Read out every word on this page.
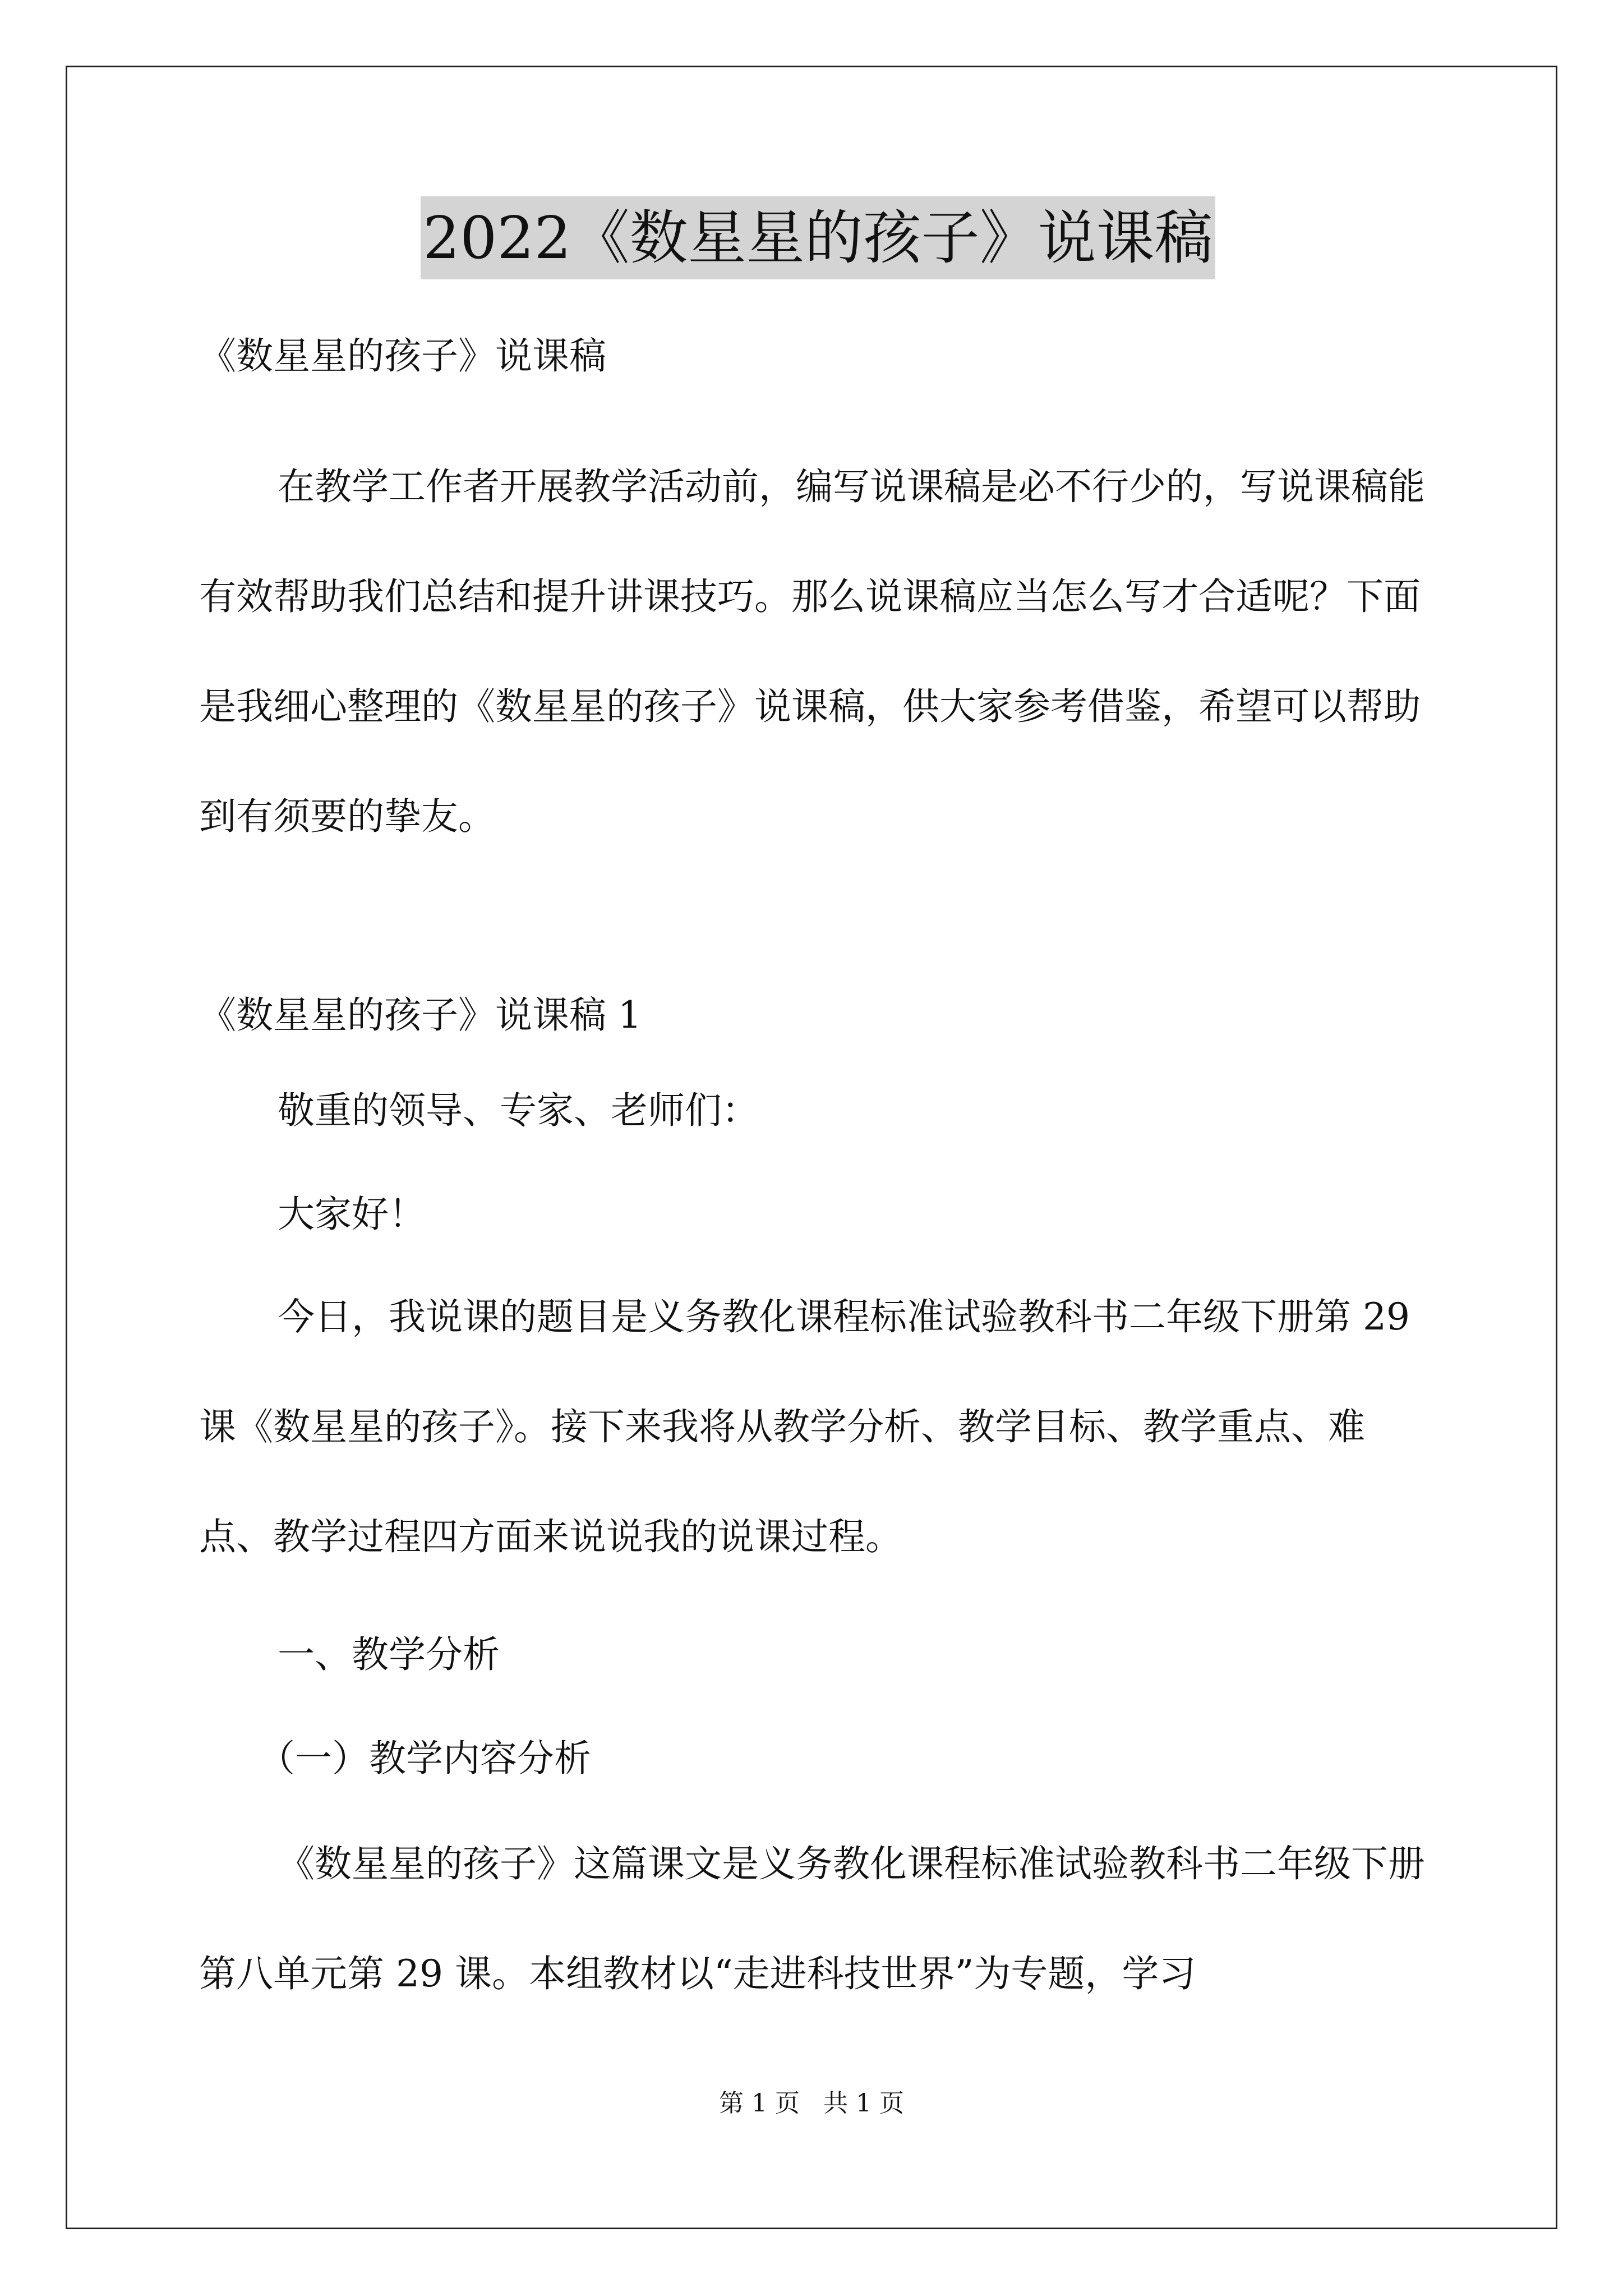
2022《数星星的孩子》说课稿

《数星星的孩子》说课稿

在教学工作者开展教学活动前，编写说课稿是必不行少的，写说课稿能有效帮助我们总结和提升讲课技巧。那么说课稿应当怎么写才合适呢？下面是我细心整理的《数星星的孩子》说课稿，供大家参考借鉴，希望可以帮助到有须要的挚友。

《数星星的孩子》说课稿 1

敬重的领导、专家、老师们：

大家好！

今日，我说课的题目是义务教化课程标准试验教科书二年级下册第 29 课《数星星的孩子》。接下来我将从教学分析、教学目标、教学重点、难点、教学过程四方面来说说我的说课过程。

一、教学分析

（一）教学内容分析

《数星星的孩子》这篇课文是义务教化课程标准试验教科书二年级下册第八单元第 29 课。本组教材以“走进科技世界”为专题，学习

第 1 页   共 1 页
